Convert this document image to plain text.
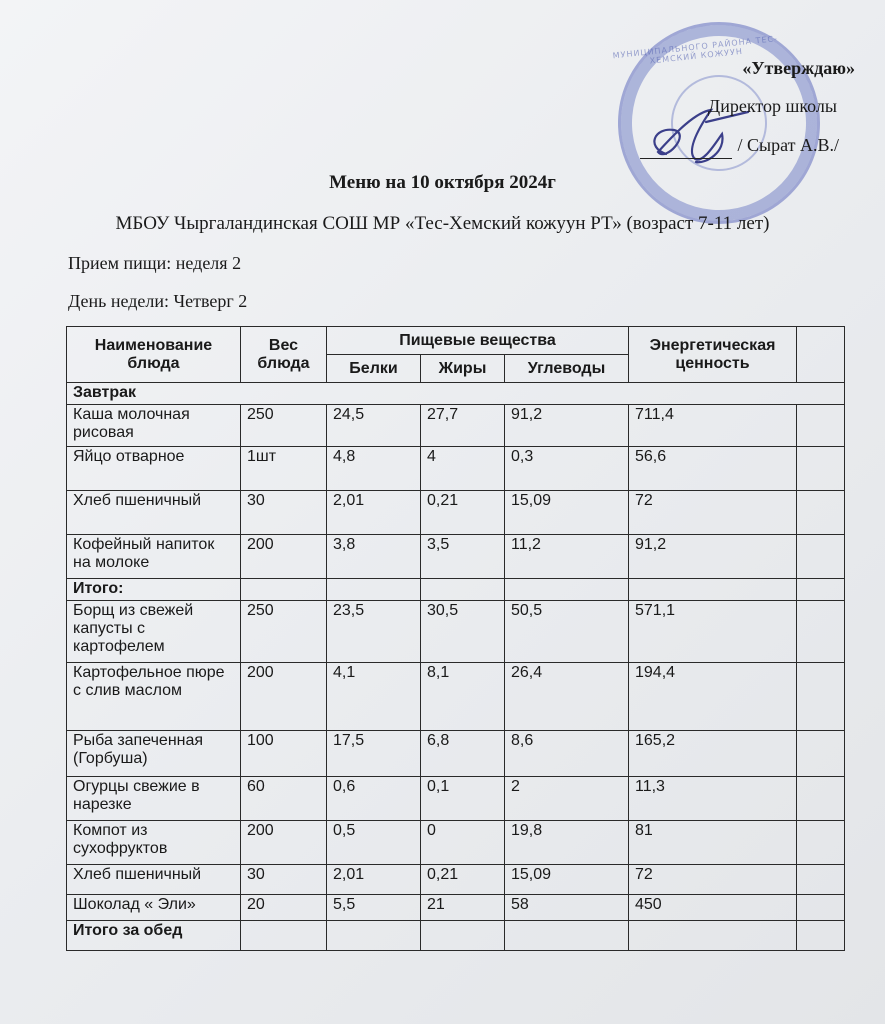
МУНИЦИПАЛЬНОГО РАЙОНА ТЕС-ХЕМСКИЙ КОЖУУН
«Утверждаю»
Директор школы
/ Сырат А.В./
Меню на 10 октября 2024г
МБОУ Чыргаландинская СОШ МР «Тес-Хемский кожуун РТ» (возраст 7-11 лет)
Прием пищи: неделя 2
День недели: Четверг 2
Наименование блюда	Вес блюда	Пищевые вещества			Энергетическая ценность	
		Белки	Жиры	Углеводы		
Завтрак						
Каша молочная рисовая	250	24,5	27,7	91,2	711,4	
Яйцо отварное	1шт	4,8	4	0,3	56,6	
Хлеб пшеничный	30	2,01	0,21	15,09	72	
Кофейный напиток на молоке	200	3,8	3,5	11,2	91,2	
Итого:						
Борщ из свежей капусты с картофелем	250	23,5	30,5	50,5	571,1	
Картофельное пюре с слив маслом	200	4,1	8,1	26,4	194,4	
Рыба запеченная (Горбуша)	100	17,5	6,8	8,6	165,2	
Огурцы свежие в нарезке	60	0,6	0,1	2	11,3	
Компот из сухофруктов	200	0,5	0	19,8	81	
Хлеб пшеничный	30	2,01	0,21	15,09	72	
Шоколад « Эли»	20	5,5	21	58	450	
Итого за обед						
